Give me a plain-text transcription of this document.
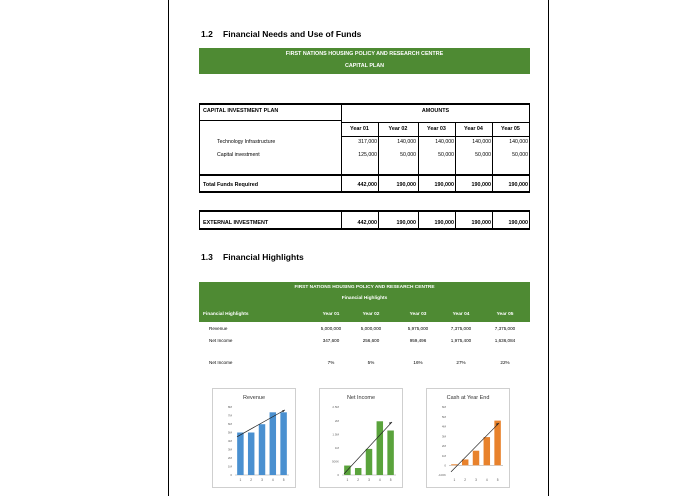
1.2 Financial Needs and Use of Funds
FIRST NATIONS HOUSING POLICY AND RESEARCH CENTRE
CAPITAL PLAN
CAPITAL INVESTMENT PLAN	AMOUNTS
Year 01	Year 02	Year 03	Year 04	Year 05
Technology Infrastructure	317,000	140,000	140,000	140,000	140,000
Capital investment	125,000	50,000	50,000	50,000	50,000
Total Funds Required	442,000	190,000	190,000	190,000	190,000
EXTERNAL INVESTMENT	442,000	190,000	190,000	190,000	190,000
1.3 Financial Highlights
FIRST NATIONS HOUSING POLICY AND RESEARCH CENTRE
Financial Highlights
Financial Highlights	Year 01	Year 02	Year 03	Year 04	Year 05
Revenue	5,000,000	5,000,000	5,975,000	7,375,000	7,375,000
Net Income	347,600	256,600	959,496	1,975,400	1,636,084
Net Income	7%	5%	16%	27%	22%
Revenue
0
1M
2M
3M
4M
5M
6M
7M
8M
1	2	3	4	5
Net Income
0
500K
1M
1.5M
2M
2.5M
1	2	3	4	5
Cash at Year End
-100K
0
1M
2M
3M
4M
5M
6M
1	2	3	4	5
